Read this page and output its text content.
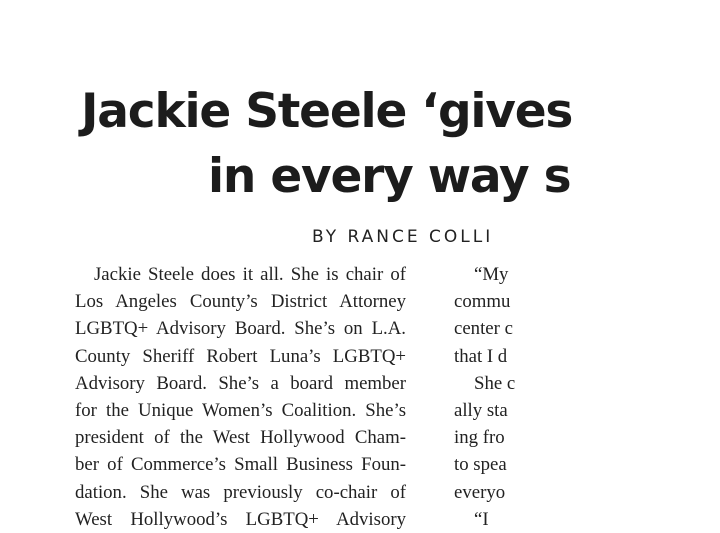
Jackie Steele ‘gives
in every way s
BY RANCE COLLI
Jackie Steele does it all. She is chair of
Los Angeles County’s District Attorney
LGBTQ+ Advisory Board. She’s on L.A.
County Sheriff Robert Luna’s LGBTQ+
Advisory Board. She’s a board member
for the Unique Women’s Coalition. She’s
president of the West Hollywood Cham-
ber of Commerce’s Small Business Foun-
dation. She was previously co-chair of
West Hollywood’s LGBTQ+ Advisory
“My
commu
center c
that I d
She c
ally sta
ing fro
to spea
everyo
“I
